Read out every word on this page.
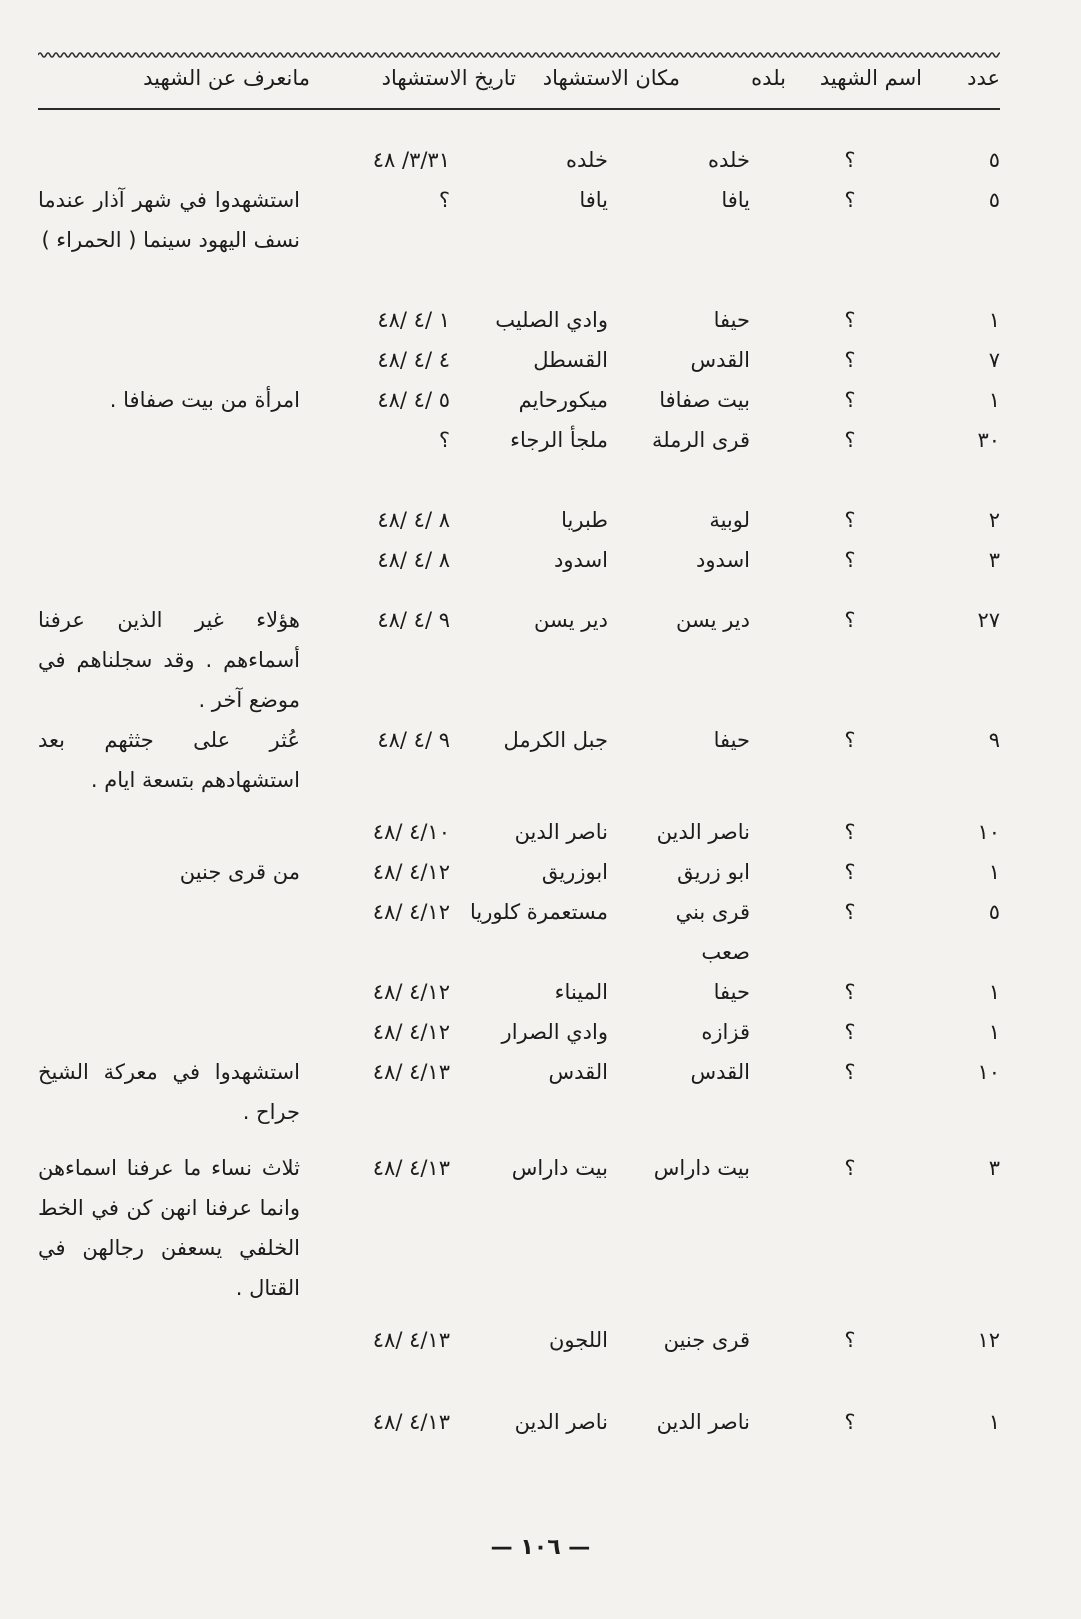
عدد
اسم الشهيد
بلده
مكان الاستشهاد
تاريخ الاستشهاد
مانعرف عن الشهيد
٥
؟
خلده
خلده
٣/٣١/ ٤٨
٥
؟
يافا
يافا
؟
استشهدوا في شهر آذار عندما نسف اليهود سينما ( الحمراء )
١
؟
حيفا
وادي الصليب
١ /٤ /٤٨
٧
؟
القدس
القسطل
٤ /٤ /٤٨
١
؟
بيت صفافا
ميكورحايم
٥ /٤ /٤٨
امرأة من بيت صفافا .
٣٠
؟
قرى الرملة
ملجأ الرجاء
؟
٢
؟
لوبية
طبريا
٨ /٤ /٤٨
٣
؟
اسدود
اسدود
٨ /٤ /٤٨
٢٧
؟
دير يسن
دير يسن
٩ /٤ /٤٨
هؤلاء غير الذين عرفنا أسماءهم . وقد سجلناهم في موضع آخر .
٩
؟
حيفا
جبل الكرمل
٩ /٤ /٤٨
عُثر على جثثهم بعد استشهادهم بتسعة ايام .
١٠
؟
ناصر الدين
ناصر الدين
٤/١٠ /٤٨
١
؟
ابو زريق
ابوزريق
٤/١٢ /٤٨
من قرى جنين
٥
؟
قرى بني صعب
مستعمرة كلوريا
٤/١٢ /٤٨
١
؟
حيفا
الميناء
٤/١٢ /٤٨
١
؟
قزازه
وادي الصرار
٤/١٢ /٤٨
١٠
؟
القدس
القدس
٤/١٣ /٤٨
استشهدوا في معركة الشيخ جراح .
٣
؟
بيت داراس
بيت داراس
٤/١٣ /٤٨
ثلاث نساء ما عرفنا اسماءهن وانما عرفنا انهن كن في الخط الخلفي يسعفن رجالهن في القتال .
١٢
؟
قرى جنين
اللجون
٤/١٣ /٤٨
١
؟
ناصر الدين
ناصر الدين
٤/١٣ /٤٨
— ١٠٦ —
